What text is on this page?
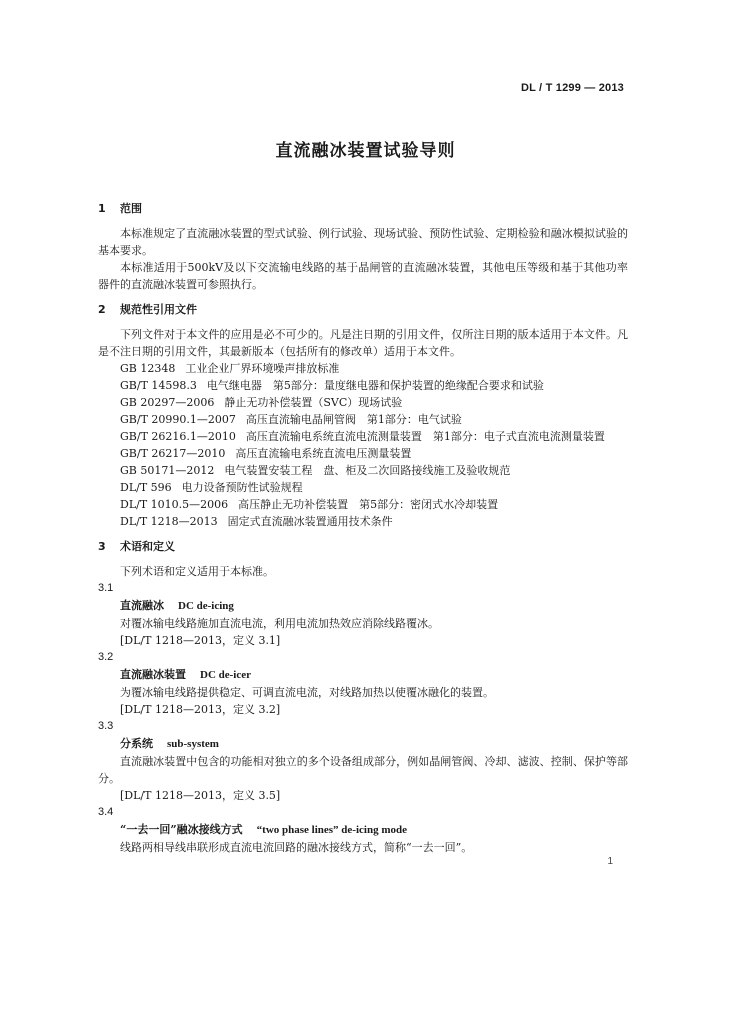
DL / T 1299 — 2013
直流融冰装置试验导则

1 范围

本标准规定了直流融冰装置的型式试验、例行试验、现场试验、预防性试验、定期检验和融冰模拟试验的基本要求。

本标准适用于500kV及以下交流输电线路的基于晶闸管的直流融冰装置，其他电压等级和基于其他功率器件的直流融冰装置可参照执行。

2 规范性引用文件

下列文件对于本文件的应用是必不可少的。凡是注日期的引用文件，仅所注日期的版本适用于本文件。凡是不注日期的引用文件，其最新版本（包括所有的修改单）适用于本文件。

GB 12348 工业企业厂界环境噪声排放标准
GB/T 14598.3 电气继电器　第5部分：量度继电器和保护装置的绝缘配合要求和试验
GB 20297—2006 静止无功补偿装置（SVC）现场试验
GB/T 20990.1—2007 高压直流输电晶闸管阀　第1部分：电气试验
GB/T 26216.1—2010 高压直流输电系统直流电流测量装置　第1部分：电子式直流电流测量装置
GB/T 26217—2010 高压直流输电系统直流电压测量装置
GB 50171—2012 电气装置安装工程　盘、柜及二次回路接线施工及验收规范
DL/T 596 电力设备预防性试验规程
DL/T 1010.5—2006 高压静止无功补偿装置　第5部分：密闭式水冷却装置
DL/T 1218—2013 固定式直流融冰装置通用技术条件

3 术语和定义

下列术语和定义适用于本标准。

3.1

直流融冰 DC de-icing

对覆冰输电线路施加直流电流，利用电流加热效应消除线路覆冰。

[DL/T 1218—2013，定义 3.1]

3.2

直流融冰装置 DC de-icer

为覆冰输电线路提供稳定、可调直流电流，对线路加热以使覆冰融化的装置。

[DL/T 1218—2013，定义 3.2]

3.3

分系统 sub-system

直流融冰装置中包含的功能相对独立的多个设备组成部分，例如晶闸管阀、冷却、滤波、控制、保护等部分。

[DL/T 1218—2013，定义 3.5]

3.4

“一去一回”融冰接线方式 “two phase lines” de-icing mode

线路两相导线串联形成直流电流回路的融冰接线方式，简称“一去一回”。

1
